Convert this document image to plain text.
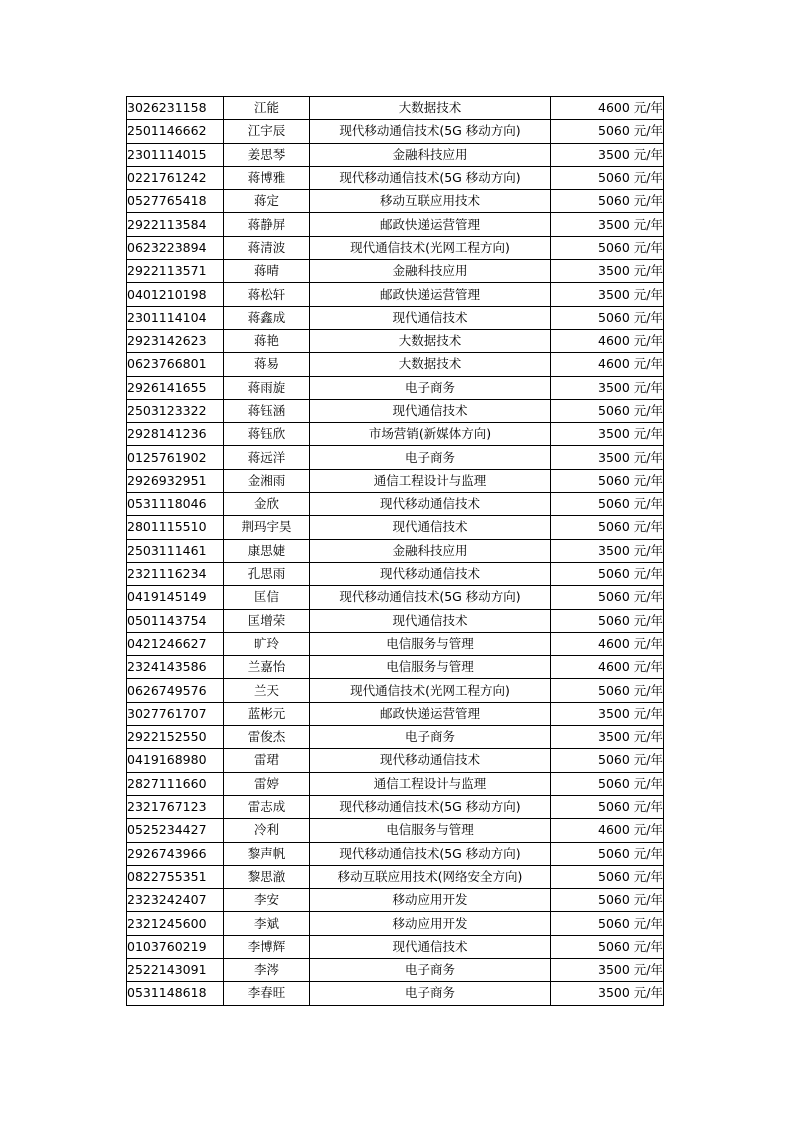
3026231158	江能	大数据技术	4600 元/年
2501146662	江宇辰	现代移动通信技术(5G 移动方向)	5060 元/年
2301114015	姜思琴	金融科技应用	3500 元/年
0221761242	蒋博雅	现代移动通信技术(5G 移动方向)	5060 元/年
0527765418	蒋定	移动互联应用技术	5060 元/年
2922113584	蒋静屏	邮政快递运营管理	3500 元/年
0623223894	蒋清波	现代通信技术(光网工程方向)	5060 元/年
2922113571	蒋晴	金融科技应用	3500 元/年
0401210198	蒋松轩	邮政快递运营管理	3500 元/年
2301114104	蒋鑫成	现代通信技术	5060 元/年
2923142623	蒋艳	大数据技术	4600 元/年
0623766801	蒋易	大数据技术	4600 元/年
2926141655	蒋雨旋	电子商务	3500 元/年
2503123322	蒋钰涵	现代通信技术	5060 元/年
2928141236	蒋钰欣	市场营销(新媒体方向)	3500 元/年
0125761902	蒋远洋	电子商务	3500 元/年
2926932951	金湘雨	通信工程设计与监理	5060 元/年
0531118046	金欣	现代移动通信技术	5060 元/年
2801115510	荆玛宇昊	现代通信技术	5060 元/年
2503111461	康思婕	金融科技应用	3500 元/年
2321116234	孔思雨	现代移动通信技术	5060 元/年
0419145149	匡信	现代移动通信技术(5G 移动方向)	5060 元/年
0501143754	匡增荣	现代通信技术	5060 元/年
0421246627	旷玲	电信服务与管理	4600 元/年
2324143586	兰嘉怡	电信服务与管理	4600 元/年
0626749576	兰天	现代通信技术(光网工程方向)	5060 元/年
3027761707	蓝彬元	邮政快递运营管理	3500 元/年
2922152550	雷俊杰	电子商务	3500 元/年
0419168980	雷珺	现代移动通信技术	5060 元/年
2827111660	雷婷	通信工程设计与监理	5060 元/年
2321767123	雷志成	现代移动通信技术(5G 移动方向)	5060 元/年
0525234427	冷利	电信服务与管理	4600 元/年
2926743966	黎声帆	现代移动通信技术(5G 移动方向)	5060 元/年
0822755351	黎思澈	移动互联应用技术(网络安全方向)	5060 元/年
2323242407	李安	移动应用开发	5060 元/年
2321245600	李斌	移动应用开发	5060 元/年
0103760219	李博辉	现代通信技术	5060 元/年
2522143091	李涔	电子商务	3500 元/年
0531148618	李春旺	电子商务	3500 元/年
